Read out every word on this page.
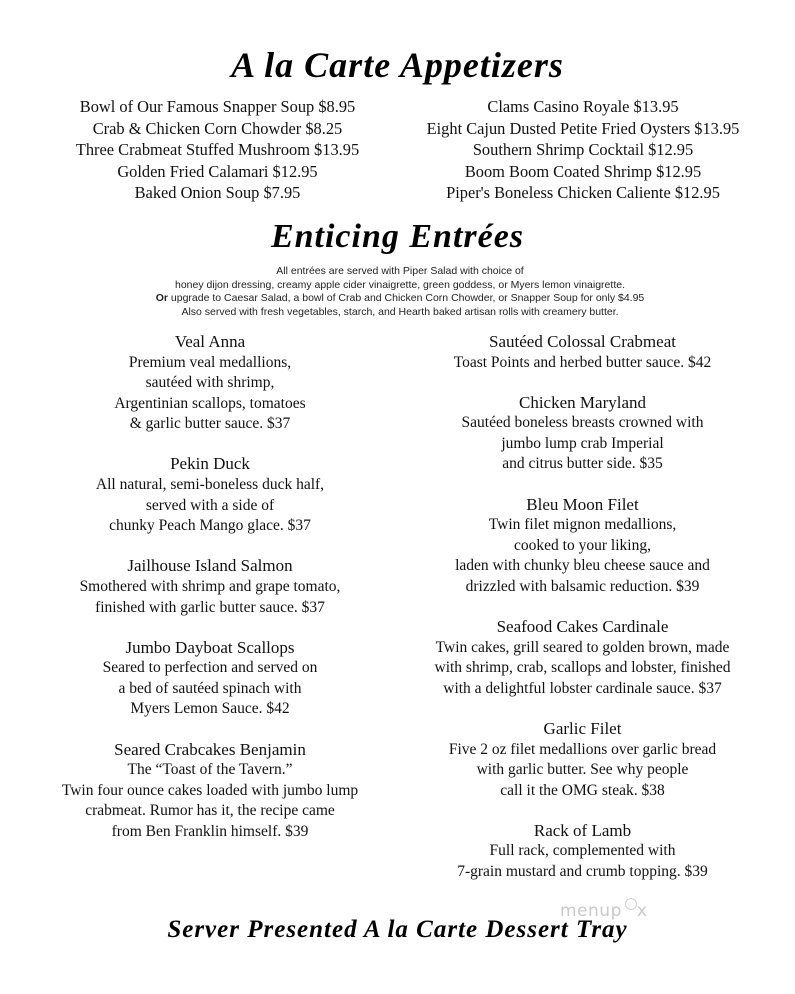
A la Carte Appetizers
Bowl of Our Famous Snapper Soup $8.95
Crab & Chicken Corn Chowder $8.25
Three Crabmeat Stuffed Mushroom $13.95
Golden Fried Calamari $12.95
Baked Onion Soup $7.95
Clams Casino Royale $13.95
Eight Cajun Dusted Petite Fried Oysters $13.95
Southern Shrimp Cocktail $12.95
Boom Boom Coated Shrimp $12.95
Piper's Boneless Chicken Caliente $12.95
Enticing Entrées
All entrées are served with Piper Salad with choice of
honey dijon dressing, creamy apple cider vinaigrette, green goddess, or Myers lemon vinaigrette.
Or upgrade to Caesar Salad, a bowl of Crab and Chicken Corn Chowder, or Snapper Soup for only $4.95
Also served with fresh vegetables, starch, and Hearth baked artisan rolls with creamery butter.
Veal Anna
Premium veal medallions,
sautéed with shrimp,
Argentinian scallops, tomatoes
& garlic butter sauce. $37
Pekin Duck
All natural, semi-boneless duck half,
served with a side of
chunky Peach Mango glace. $37
Jailhouse Island Salmon
Smothered with shrimp and grape tomato,
finished with garlic butter sauce. $37
Jumbo Dayboat Scallops
Seared to perfection and served on
a bed of sautéed spinach with
Myers Lemon Sauce. $42
Seared Crabcakes Benjamin
The “Toast of the Tavern.”
Twin four ounce cakes loaded with jumbo lump
crabmeat. Rumor has it, the recipe came
from Ben Franklin himself. $39
Sautéed Colossal Crabmeat
Toast Points and herbed butter sauce. $42
Chicken Maryland
Sautéed boneless breasts crowned with
jumbo lump crab Imperial
and citrus butter side. $35
Bleu Moon Filet
Twin filet mignon medallions,
cooked to your liking,
laden with chunky bleu cheese sauce and
drizzled with balsamic reduction. $39
Seafood Cakes Cardinale
Twin cakes, grill seared to golden brown, made
with shrimp, crab, scallops and lobster, finished
with a delightful lobster cardinale sauce. $37
Garlic Filet
Five 2 oz filet medallions over garlic bread
with garlic butter. See why people
call it the OMG steak. $38
Rack of Lamb
Full rack, complemented with
7-grain mustard and crumb topping. $39
Server Presented A la Carte Dessert Tray
menup x
